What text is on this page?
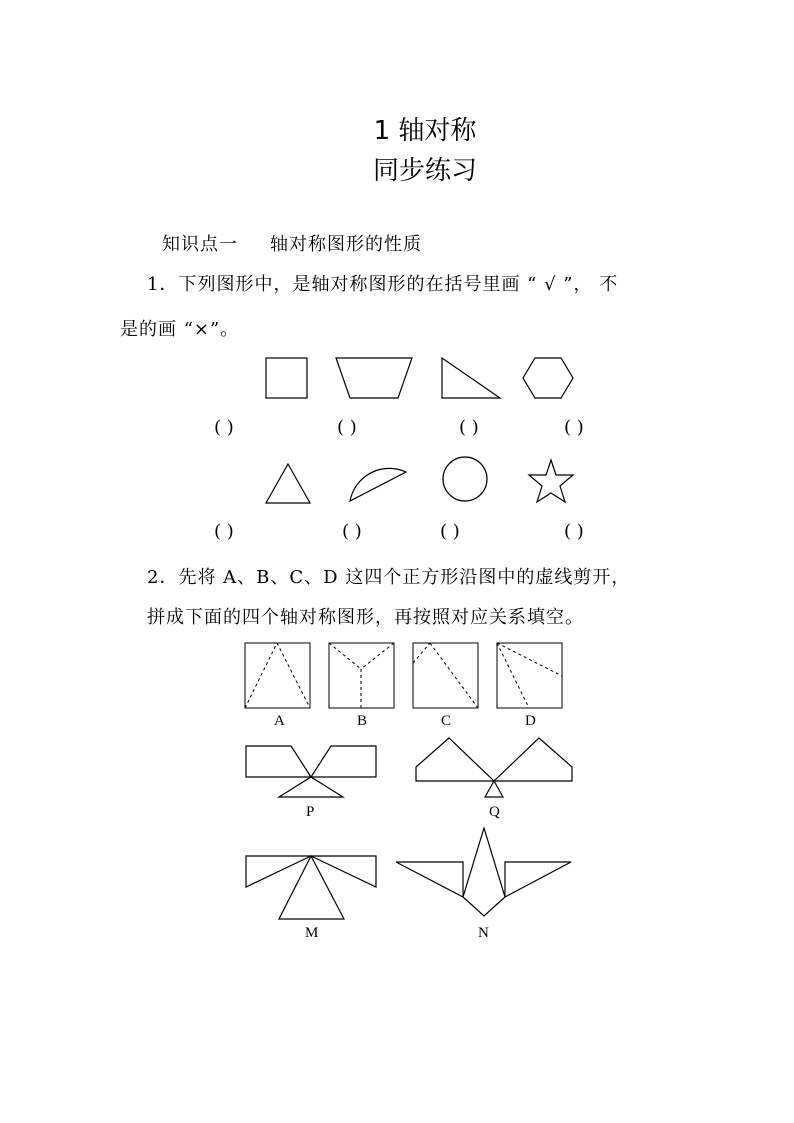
1 轴对称
同步练习
知识点一 轴对称图形的性质
1．下列图形中，是轴对称图形的在括号里画 “ √ ”， 不
是的画 “×”。
( )	( )	( )	( )
( )	( )	( )	( )
2．先将 A、B、C、D 这四个正方形沿图中的虚线剪开，
拼成下面的四个轴对称图形，再按照对应关系填空。
A	B	C	D
P	Q
M	N
